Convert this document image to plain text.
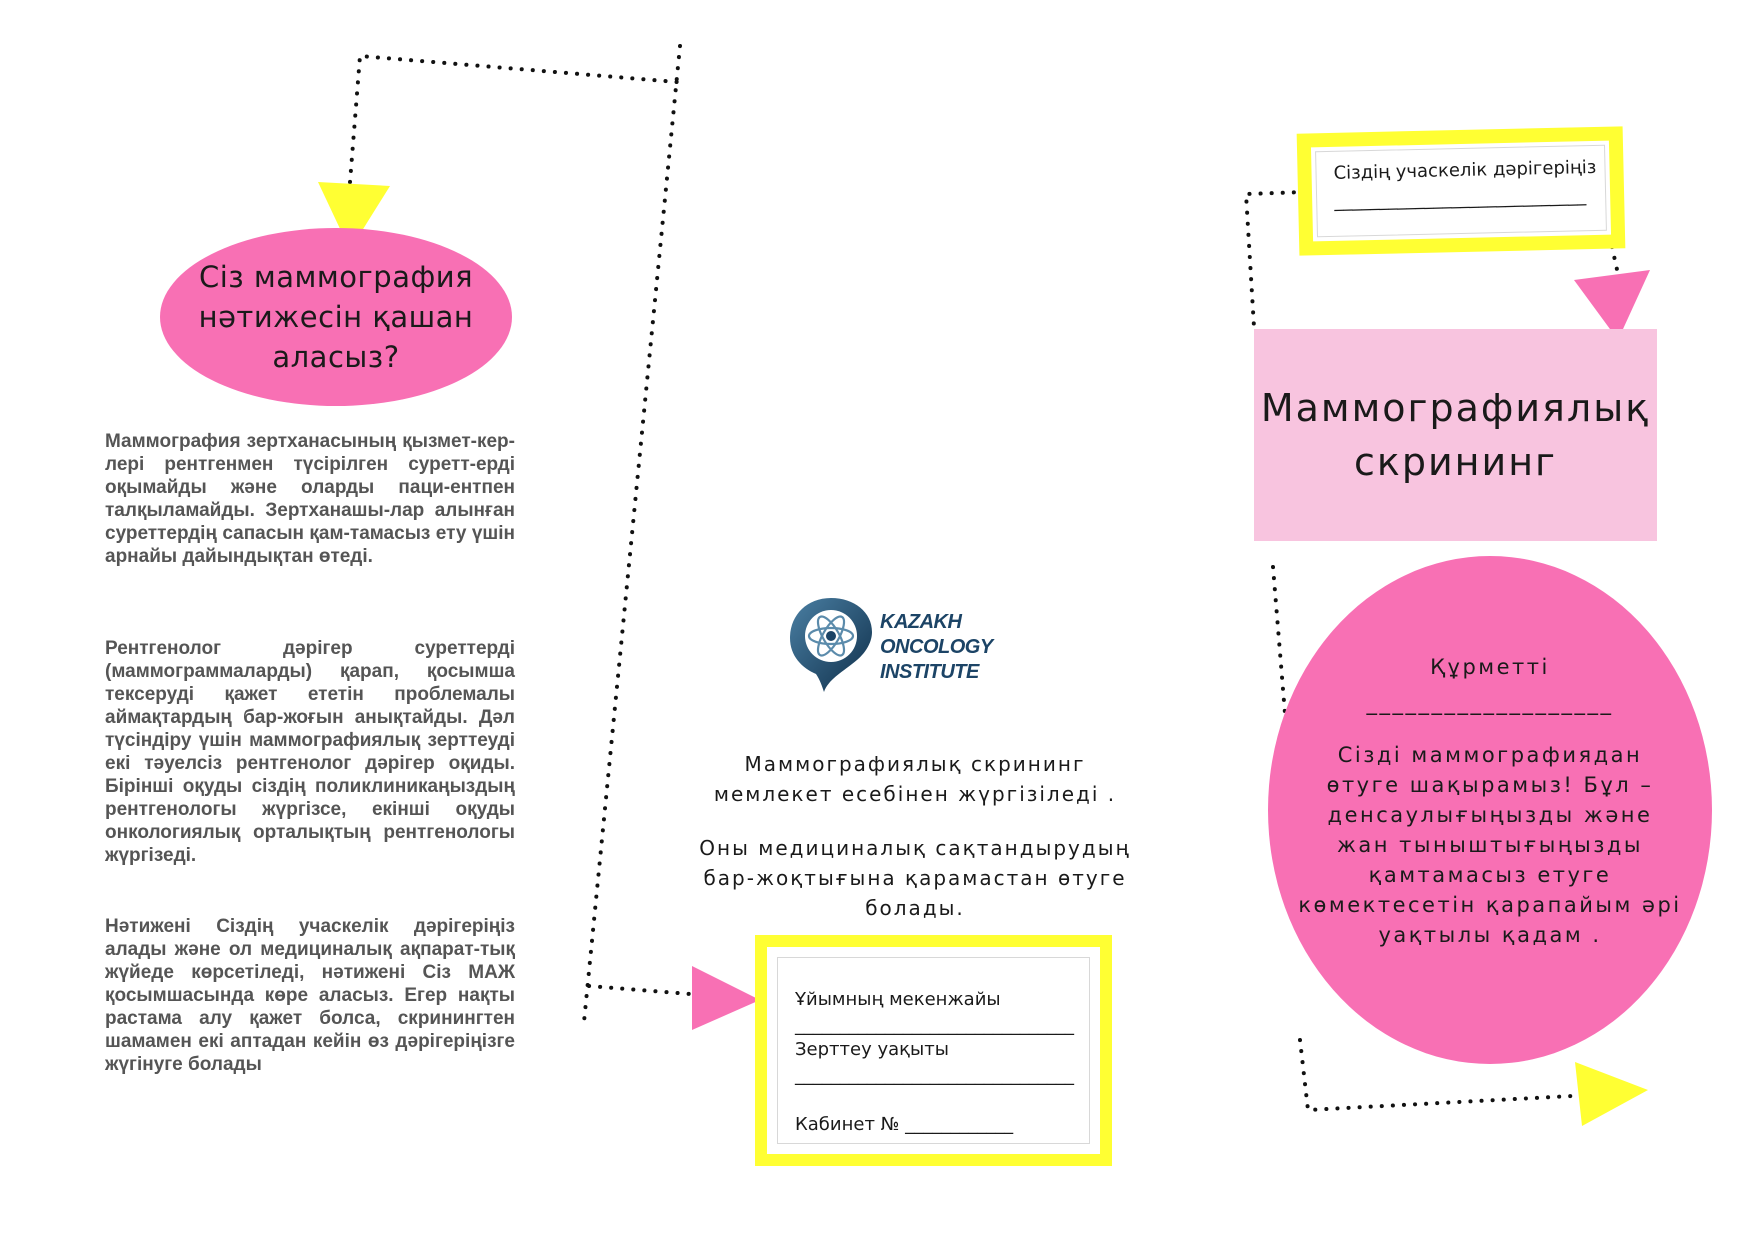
Сіз маммография нәтижесін қашан аласыз?
Маммография зертханасының қызмет-керлері рентгенмен түсірілген суретт-ерді оқымайды және оларды паци-ентпен талқыламайды. Зертханашы-лар алынған суреттердің сапасын қам-тамасыз ету үшін арнайы дайындықтан өтеді.
Рентгенолог дәрігер суреттерді (маммограммаларды) қарап, қосымша тексеруді қажет ететін проблемалы аймақтардың бар-жоғын анықтайды. Дәл түсіндіру үшін маммографиялық зерттеуді екі тәуелсіз рентгенолог дәрігер оқиды. Бірінші оқуды сіздің поликлиникаңыздың рентгенологы жүргізсе, екінші оқуды онкологиялық орталықтың рентгенологы жүргізеді.
Нәтижені Сіздің учаскелік дәрігеріңіз алады және ол медициналық ақпарат-тық жүйеде көрсетіледі, нәтижені Сіз МАЖ қосымшасында көре аласыз. Егер нақты растама алу қажет болса, скринингтен шамамен екі аптадан кейін өз дәрігеріңізге жүгінуге болады
KAZAKH
ONCOLOGY
INSTITUTE
Маммографиялық скрининг мемлекет есебінен жүргізіледі .
Оны медициналық сақтандырудың бар-жоқтығына қарамастан өтуге болады.
Ұйымның мекенжайы
_______________________________
Зерттеу уақыты
_______________________________
Кабинет № ____________
Сіздің учаскелік дәрігеріңіз
____________________________
Маммографиялық скрининг
Құрметті
___________________
Сізді маммографиядан өтуге шақырамыз! Бұл – денсаулығыңызды және жан тыныштығыңызды қамтамасыз етуге көмектесетін қарапайым әрі уақтылы қадам .
